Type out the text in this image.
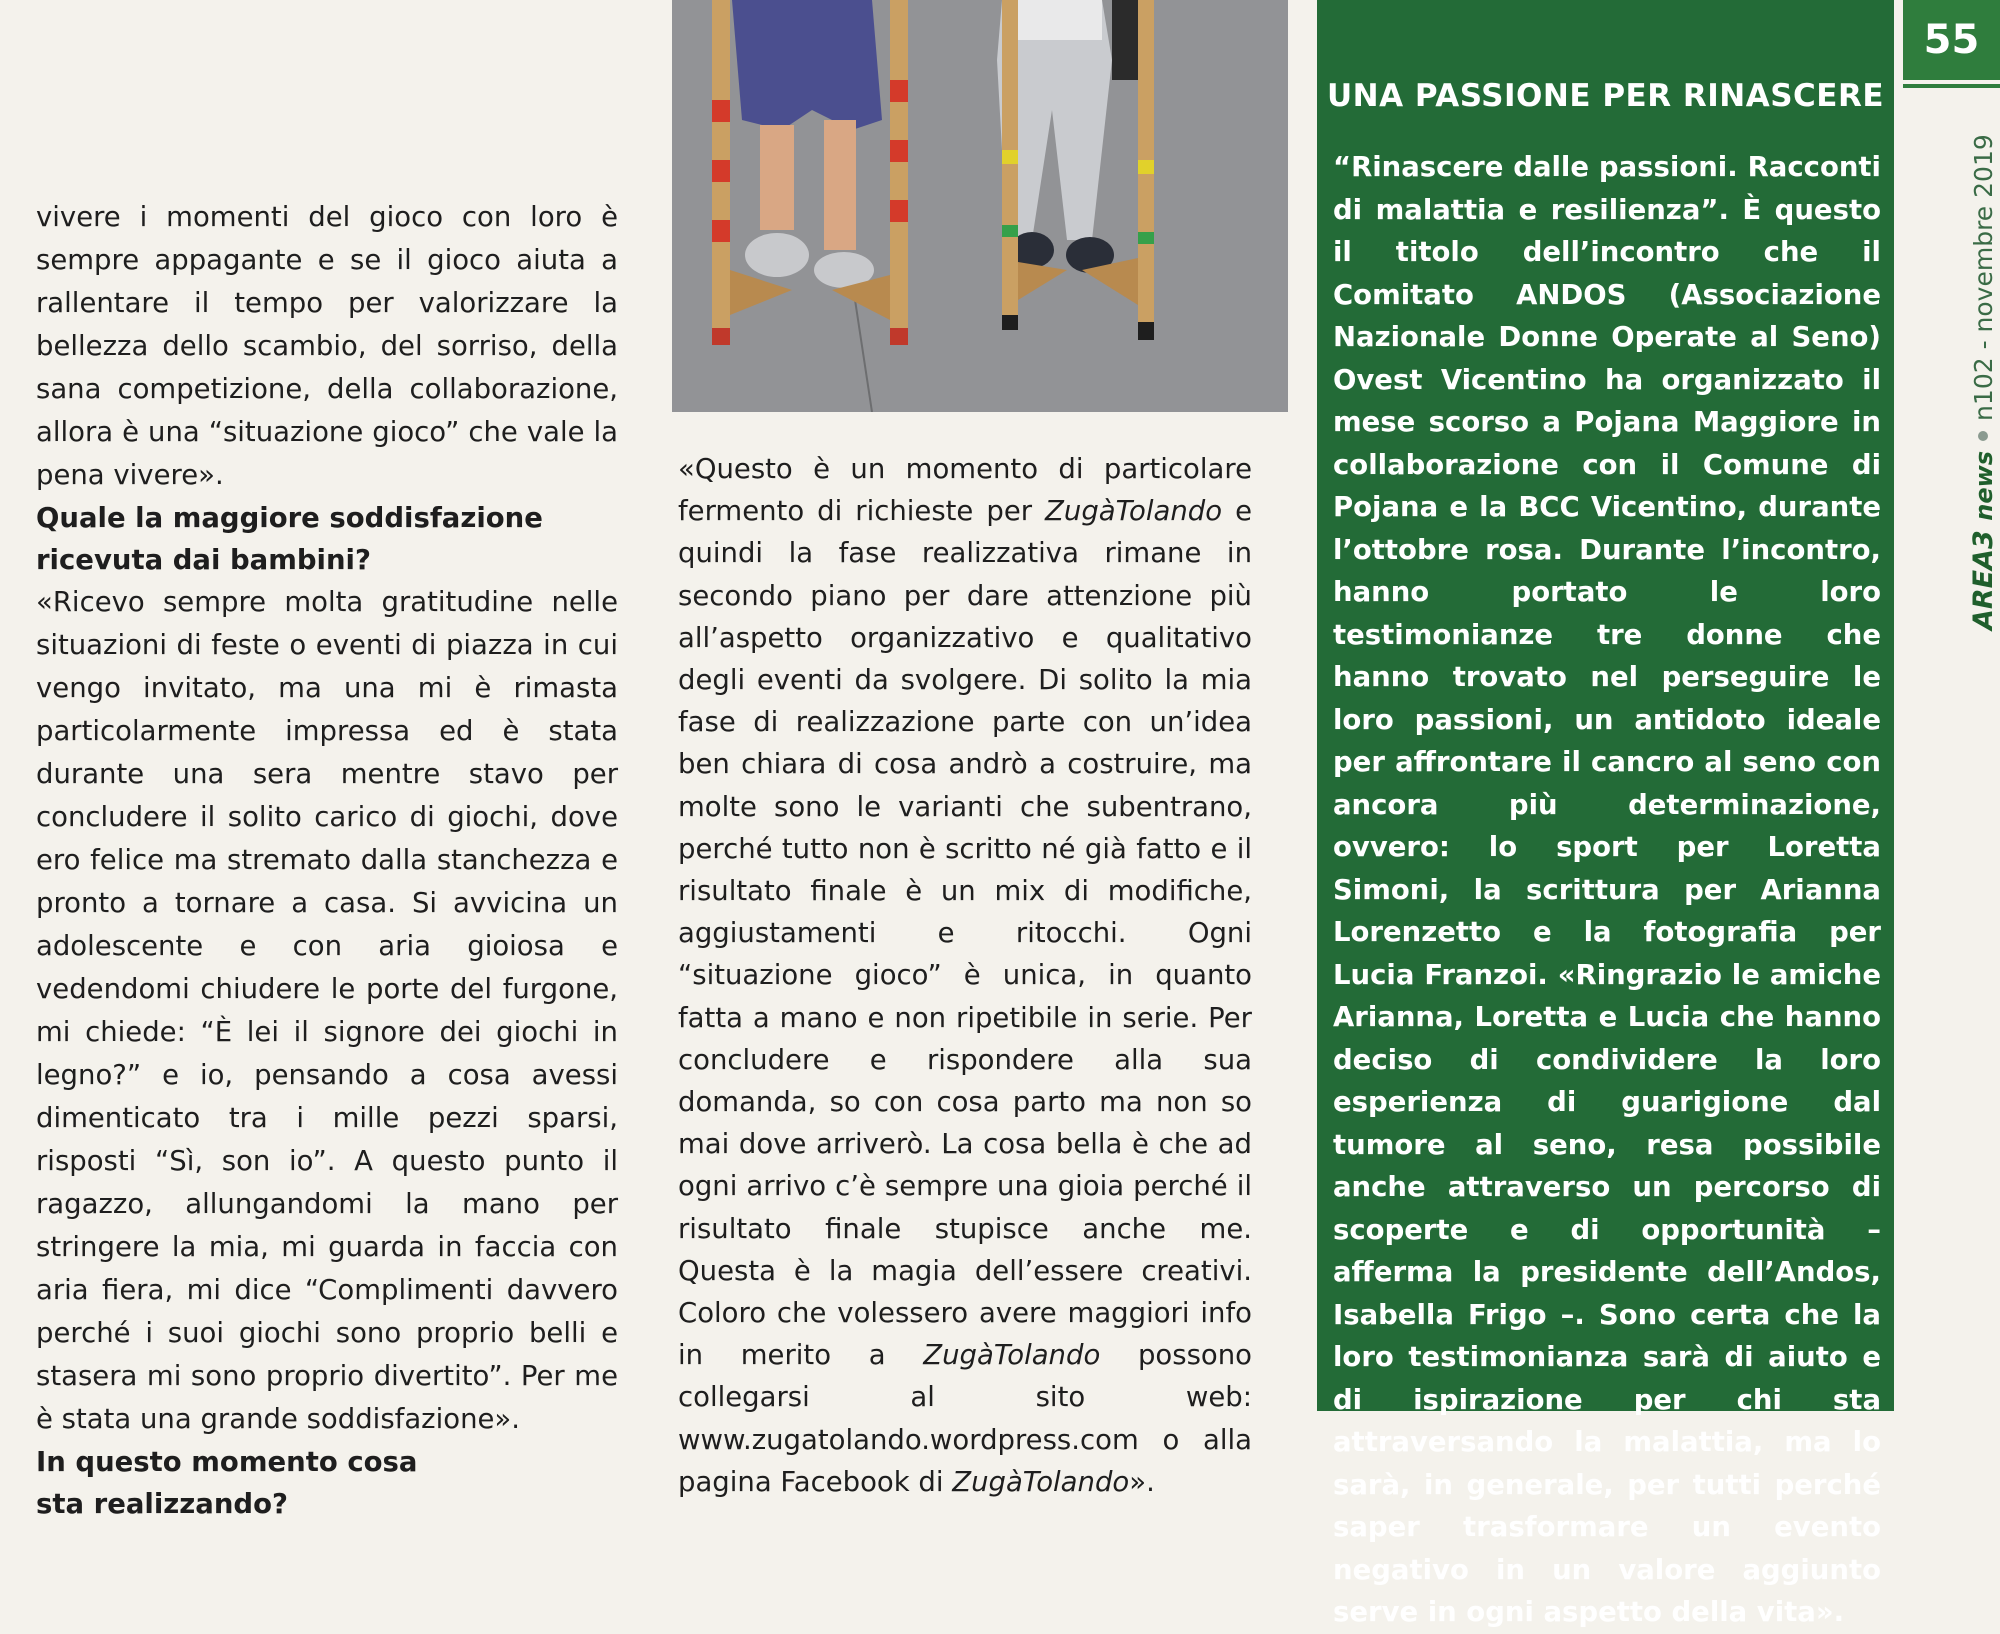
vivere i momenti del gioco con loro è sempre appagante e se il gioco aiuta a rallentare il tempo per valorizzare la bellezza dello scambio, del sorriso, della sana competizione, della collaborazione, allora è una “situazione gioco” che vale la pena vivere».

Quale la maggiore soddisfazione
ricevuta dai bambini?

«Ricevo sempre molta gratitudine nelle situazioni di feste o eventi di piazza in cui vengo invitato, ma una mi è rimasta particolarmente impressa ed è stata durante una sera mentre stavo per concludere il solito carico di giochi, dove ero felice ma stremato dalla stanchezza e pronto a tornare a casa. Si avvicina un adolescente e con aria gioiosa e vedendomi chiudere le porte del furgone, mi chiede: “È lei il signore dei giochi in legno?” e io, pensando a cosa avessi dimenticato tra i mille pezzi sparsi, risposti “Sì, son io”. A questo punto il ragazzo, allungandomi la mano per stringere la mia, mi guarda in faccia con aria fiera, mi dice “Complimenti davvero perché i suoi giochi sono proprio belli e stasera mi sono proprio divertito”. Per me è stata una grande soddisfazione».

In questo momento cosa
sta realizzando?

«Questo è un momento di particolare fermento di richieste per ZugàTolando e quindi la fase realizzativa rimane in secondo piano per dare attenzione più all’aspetto organizzativo e qualitativo degli eventi da svolgere. Di solito la mia fase di realizzazione parte con un’idea ben chiara di cosa andrò a costruire, ma molte sono le varianti che subentrano, perché tutto non è scritto né già fatto e il risultato finale è un mix di modifiche, aggiustamenti e ritocchi. Ogni “situazione gioco” è unica, in quanto fatta a mano e non ripetibile in serie. Per concludere e rispondere alla sua domanda, so con cosa parto ma non so mai dove arriverò. La cosa bella è che ad ogni arrivo c’è sempre una gioia perché il risultato finale stupisce anche me. Questa è la magia dell’essere creativi. Coloro che volessero avere maggiori info in merito a ZugàTolando possono collegarsi al sito web: www.zugatolando.wordpress.com o alla pagina Facebook di ZugàTolando».

UNA PASSIONE PER RINASCERE

“Rinascere dalle passioni. Racconti di malattia e resilienza”. È questo il titolo dell’incontro che il Comitato ANDOS (Associazione Nazionale Donne Operate al Seno) Ovest Vicentino ha organizzato il mese scorso a Pojana Maggiore in collaborazione con il Comune di Pojana e la BCC Vicentino, durante l’ottobre rosa. Durante l’incontro, hanno portato le loro testimonianze tre donne che hanno trovato nel perseguire le loro passioni, un antidoto ideale per affrontare il cancro al seno con ancora più determinazione, ovvero: lo sport per Loretta Simoni, la scrittura per Arianna Lorenzetto e la fotografia per Lucia Franzoi. «Ringrazio le amiche Arianna, Loretta e Lucia che hanno deciso di condividere la loro esperienza di guarigione dal tumore al seno, resa possibile anche attraverso un percorso di scoperte e di opportunità – afferma la presidente dell’Andos, Isabella Frigo –. Sono certa che la loro testimonianza sarà di aiuto e di ispirazione per chi sta attraversando la malattia, ma lo sarà, in generale, per tutti perché saper trasformare un evento negativo in un valore aggiunto serve in ogni aspetto della vita».

55
AREA3 news
n102 - novembre 2019
